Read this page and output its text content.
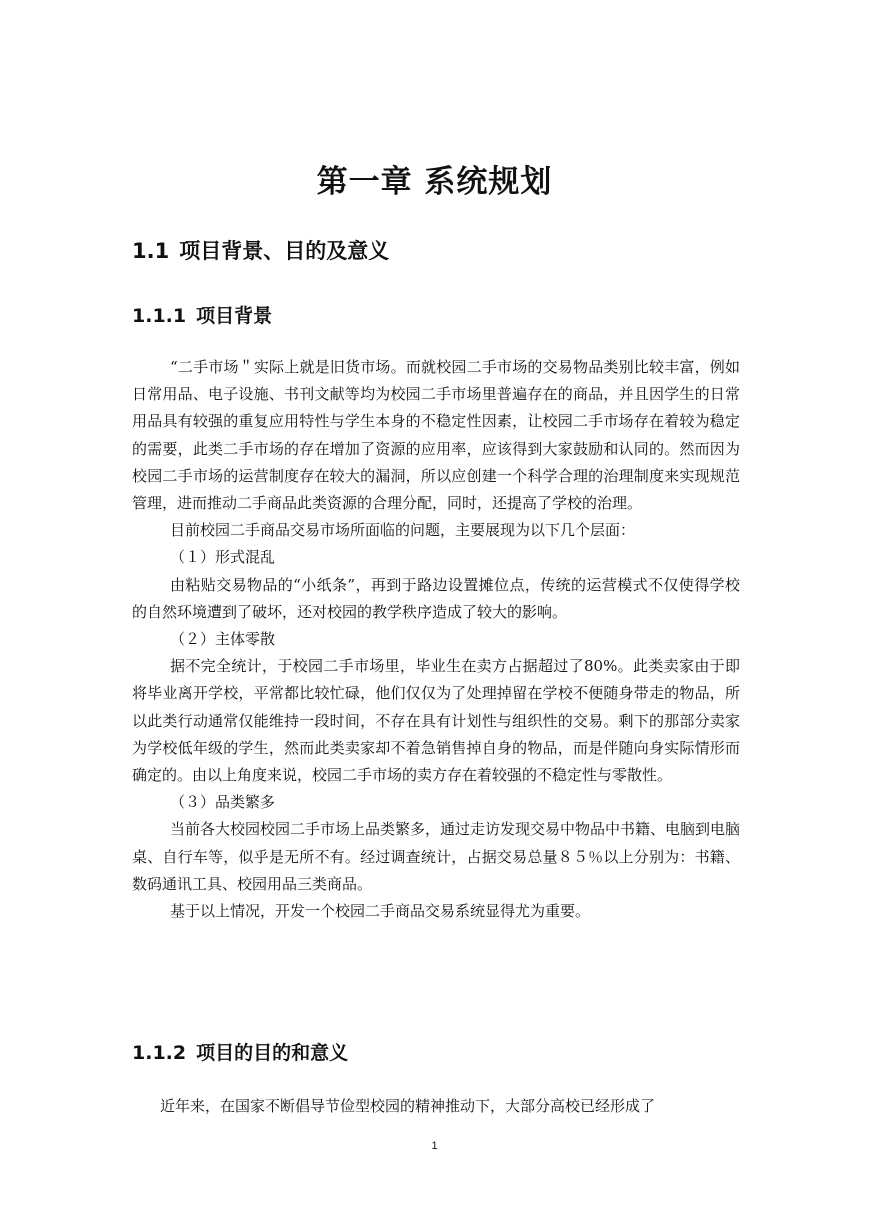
第一章 系统规划
1.1 项目背景、目的及意义
1.1.1 项目背景

“二手市场＂实际上就是旧货市场。而就校园二手市场的交易物品类别比较丰富，例如日常用品、电子设施、书刊文献等均为校园二手市场里普遍存在的商品，并且因学生的日常用品具有较强的重复应用特性与学生本身的不稳定性因素，让校园二手市场存在着较为稳定的需要，此类二手市场的存在增加了资源的应用率，应该得到大家鼓励和认同的。然而因为校园二手市场的运营制度存在较大的漏洞，所以应创建一个科学合理的治理制度来实现规范管理，进而推动二手商品此类资源的合理分配，同时，还提高了学校的治理。

目前校园二手商品交易市场所面临的问题，主要展现为以下几个层面：

（１）形式混乱

由粘贴交易物品的“小纸条”，再到于路边设置摊位点，传统的运营模式不仅使得学校的自然环境遭到了破坏，还对校园的教学秩序造成了较大的影响。

（２）主体零散

据不完全统计，于校园二手市场里，毕业生在卖方占据超过了80%。此类卖家由于即将毕业离开学校，平常都比较忙碌，他们仅仅为了处理掉留在学校不便随身带走的物品，所以此类行动通常仅能维持一段时间，不存在具有计划性与组织性的交易。剩下的那部分卖家为学校低年级的学生，然而此类卖家却不着急销售掉自身的物品，而是伴随向身实际情形而确定的。由以上角度来说，校园二手市场的卖方存在着较强的不稳定性与零散性。

（３）品类繁多

当前各大校园校园二手市场上品类繁多，通过走访发现交易中物品中书籍、电脑到电脑桌、自行车等，似乎是无所不有。经过调查统计，占据交易总量８５％以上分别为：书籍、数码通讯工具、校园用品三类商品。

基于以上情况，开发一个校园二手商品交易系统显得尤为重要。

1.1.2 项目的目的和意义

近年来，在国家不断倡导节俭型校园的精神推动下，大部分高校已经形成了

1
